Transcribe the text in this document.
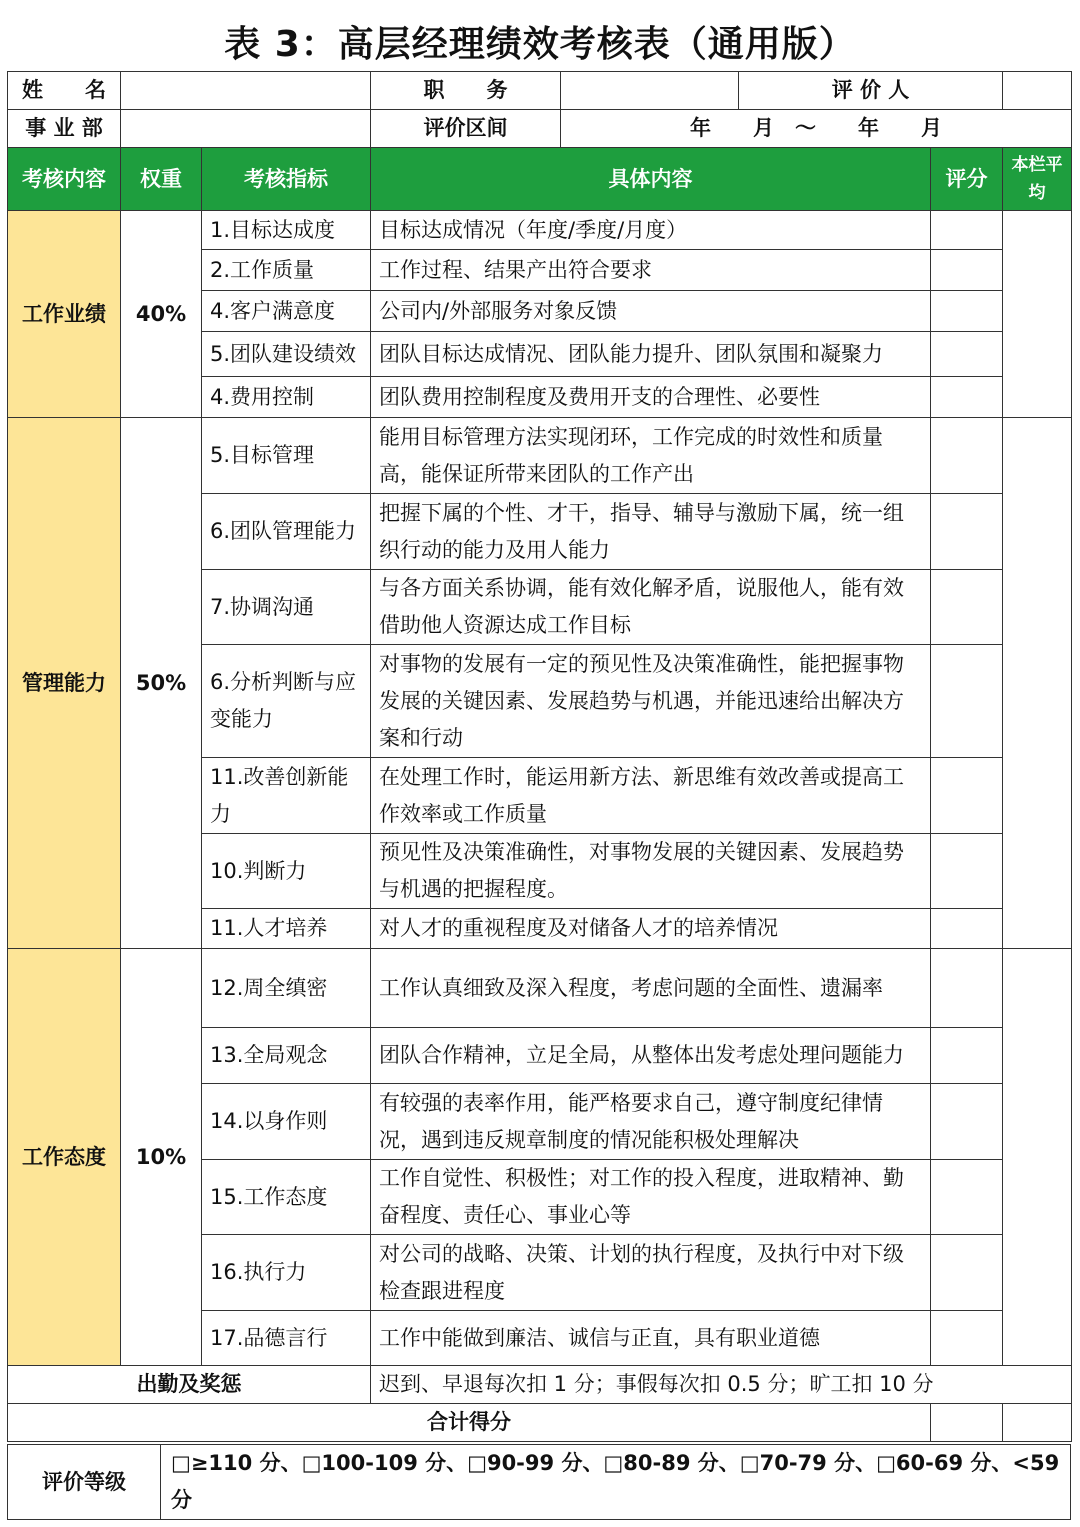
表 3：高层经理绩效考核表（通用版）
姓　　名			职　　务		评 价 人		
事 业 部			评价区间	年　　月　～　　年　　月			
考核内容	权重	考核指标	具体内容			评分	本栏平均
工作业绩	40%	1.目标达成度	目标达成情况（年度/季度/月度）				
		2.工作质量	工作过程、结果产出符合要求				
		4.客户满意度	公司内/外部服务对象反馈				
		5.团队建设绩效	团队目标达成情况、团队能力提升、团队氛围和凝聚力				
		4.费用控制	团队费用控制程度及费用开支的合理性、必要性				
管理能力	50%	5.目标管理	能用目标管理方法实现闭环，工作完成的时效性和质量高，能保证所带来团队的工作产出				
		6.团队管理能力	把握下属的个性、才干，指导、辅导与激励下属，统一组织行动的能力及用人能力				
		7.协调沟通	与各方面关系协调，能有效化解矛盾，说服他人，能有效借助他人资源达成工作目标				
		6.分析判断与应变能力	对事物的发展有一定的预见性及决策准确性，能把握事物发展的关键因素、发展趋势与机遇，并能迅速给出解决方案和行动				
		11.改善创新能力	在处理工作时，能运用新方法、新思维有效改善或提高工作效率或工作质量				
		10.判断力	预见性及决策准确性，对事物发展的关键因素、发展趋势与机遇的把握程度。				
		11.人才培养	对人才的重视程度及对储备人才的培养情况				
工作态度	10%	12.周全缜密	工作认真细致及深入程度，考虑问题的全面性、遗漏率				
		13.全局观念	团队合作精神，立足全局，从整体出发考虑处理问题能力				
		14.以身作则	有较强的表率作用，能严格要求自己，遵守制度纪律情况，遇到违反规章制度的情况能积极处理解决				
		15.工作态度	工作自觉性、积极性；对工作的投入程度，进取精神、勤奋程度、责任心、事业心等				
		16.执行力	对公司的战略、决策、计划的执行程度，及执行中对下级检查跟进程度				
		17.品德言行	工作中能做到廉洁、诚信与正直，具有职业道德				
出勤及奖惩			迟到、早退每次扣 1 分；事假每次扣 0.5 分；旷工扣 10 分				
合计得分							
评价等级	□≥110 分、□100-109 分、□90-99 分、□80-89 分、□70-79 分、□60-69 分、<59 分
